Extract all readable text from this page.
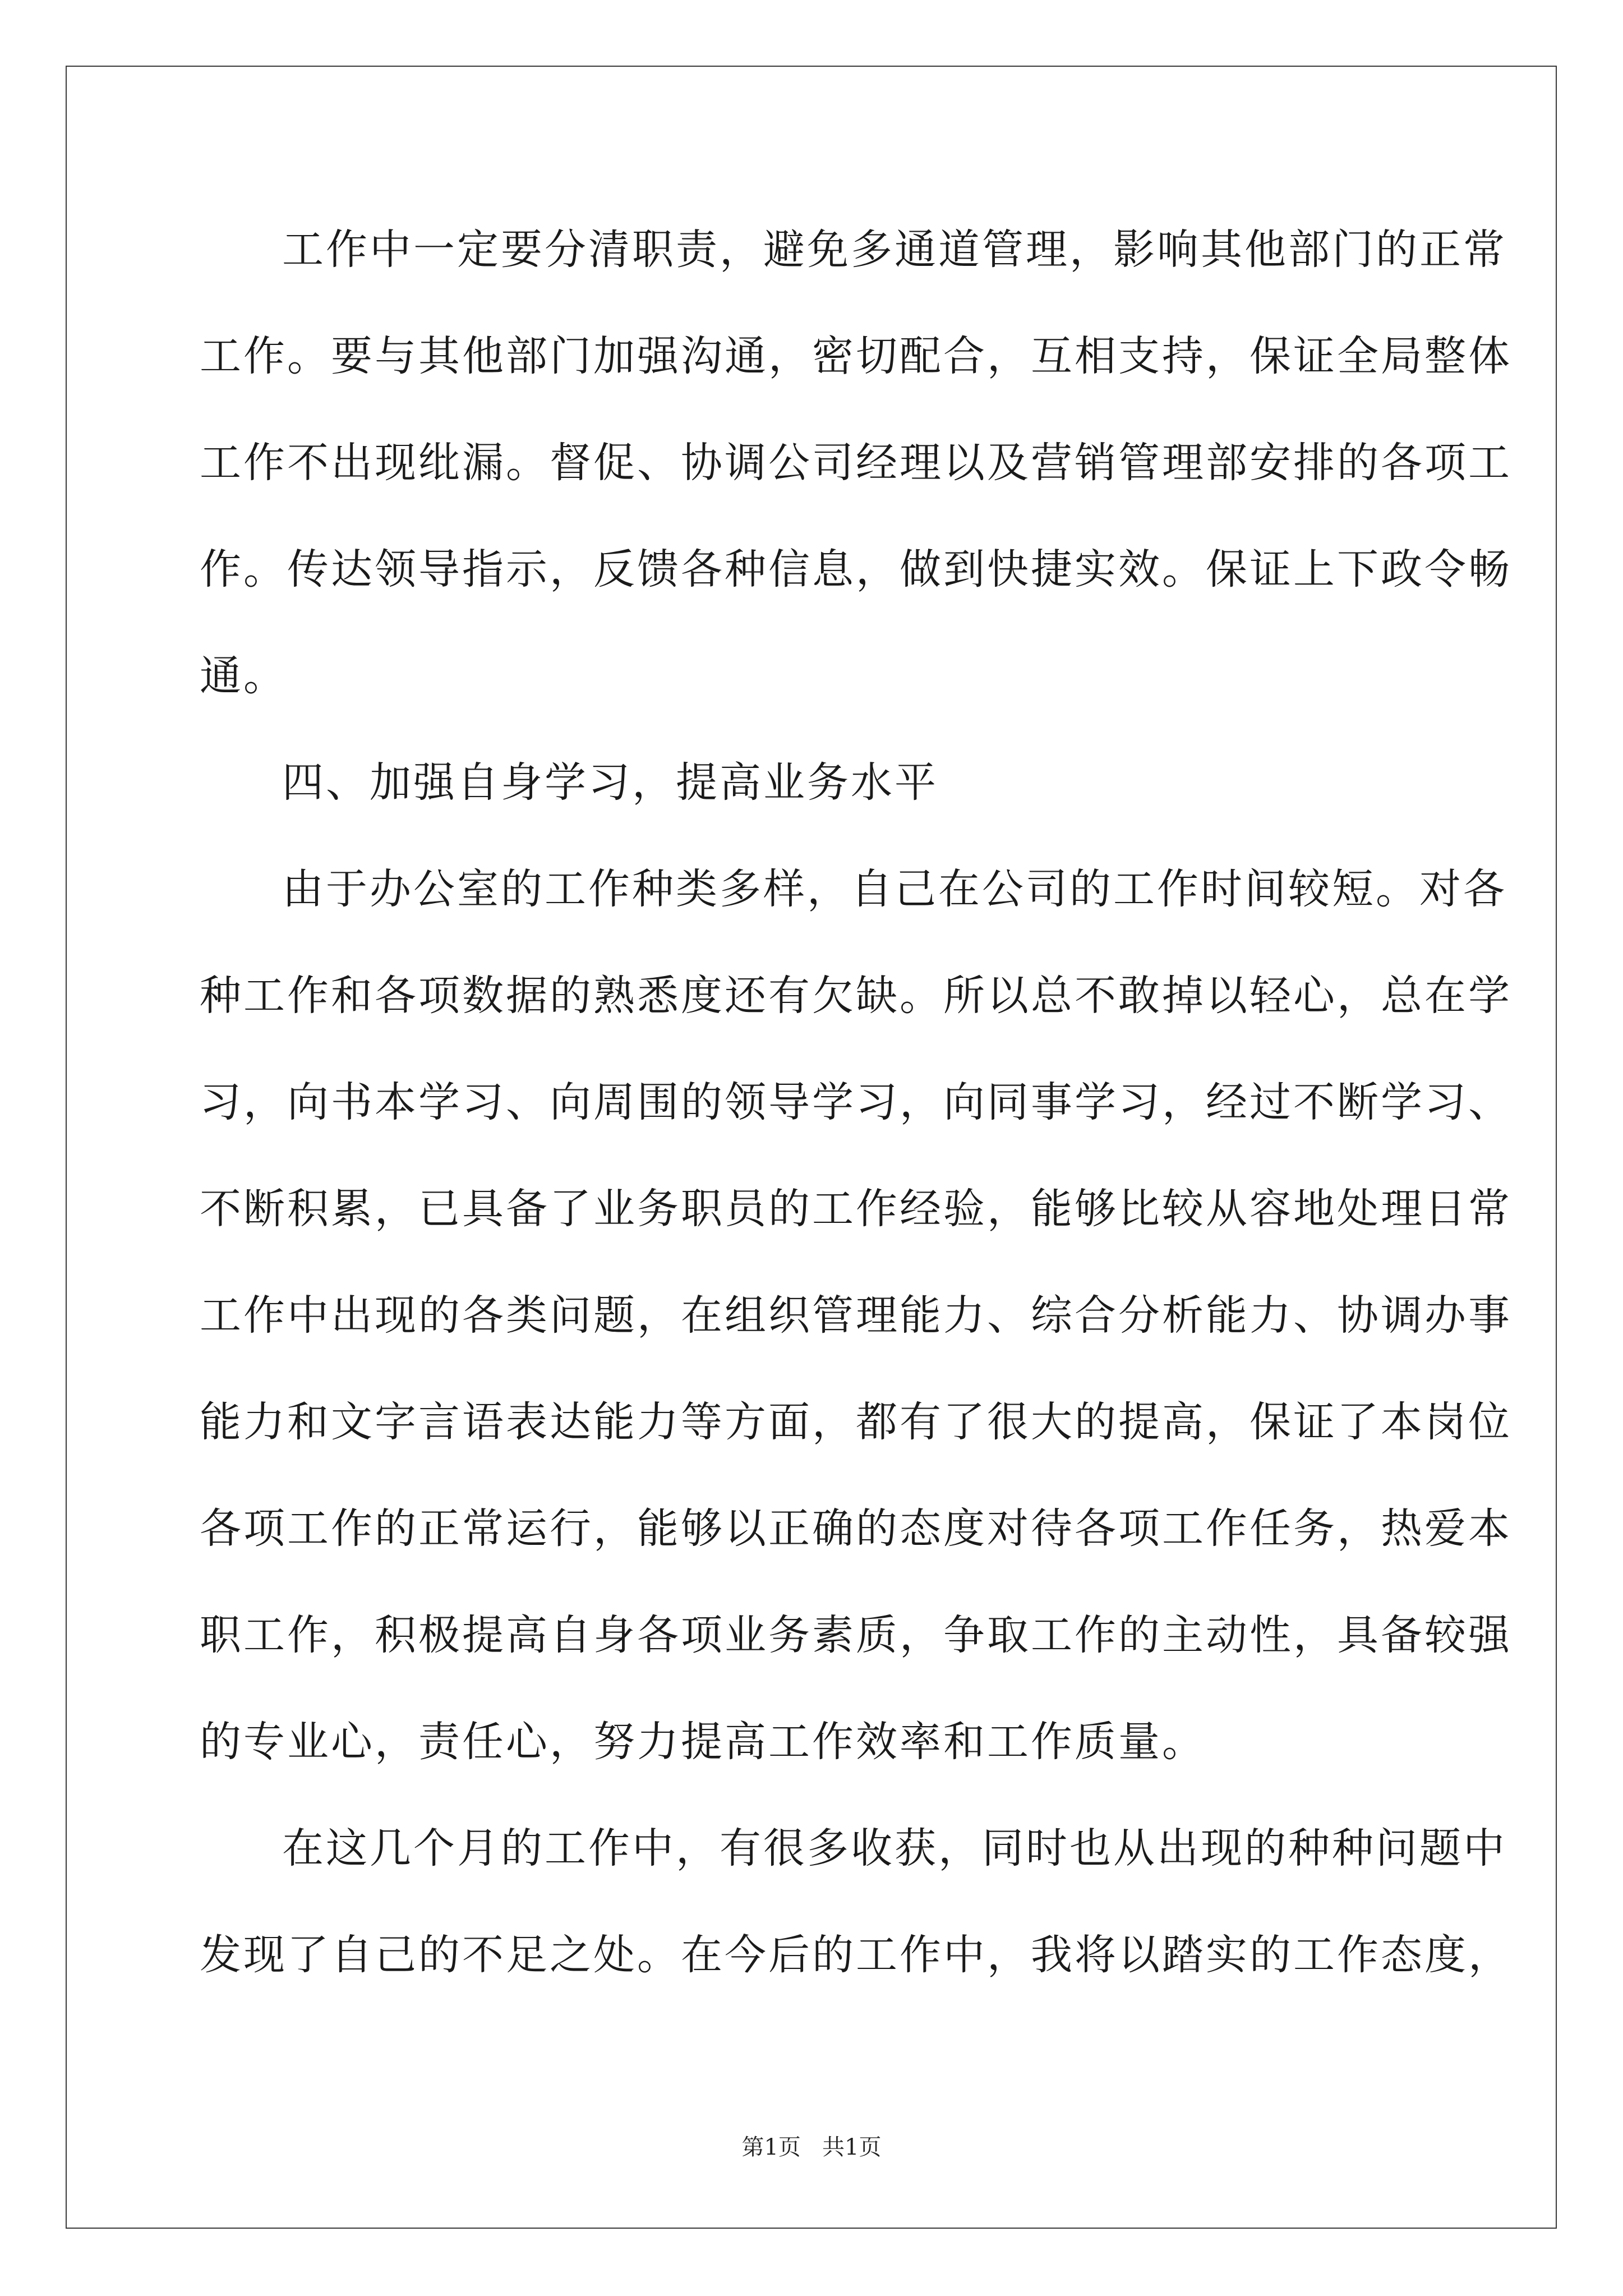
工作中一定要分清职责，避免多通道管理，影响其他部门的正常
工作。要与其他部门加强沟通，密切配合，互相支持，保证全局整体
工作不出现纰漏。督促、协调公司经理以及营销管理部安排的各项工
作。传达领导指示，反馈各种信息，做到快捷实效。保证上下政令畅
通。
四、加强自身学习，提高业务水平
由于办公室的工作种类多样，自己在公司的工作时间较短。对各
种工作和各项数据的熟悉度还有欠缺。所以总不敢掉以轻心，总在学
习，向书本学习、向周围的领导学习，向同事学习，经过不断学习、
不断积累，已具备了业务职员的工作经验，能够比较从容地处理日常
工作中出现的各类问题，在组织管理能力、综合分析能力、协调办事
能力和文字言语表达能力等方面，都有了很大的提高，保证了本岗位
各项工作的正常运行，能够以正确的态度对待各项工作任务，热爱本
职工作，积极提高自身各项业务素质，争取工作的主动性，具备较强
的专业心，责任心，努力提高工作效率和工作质量。
在这几个月的工作中，有很多收获，同时也从出现的种种问题中
发现了自己的不足之处。在今后的工作中，我将以踏实的工作态度，
第1页   共1页
